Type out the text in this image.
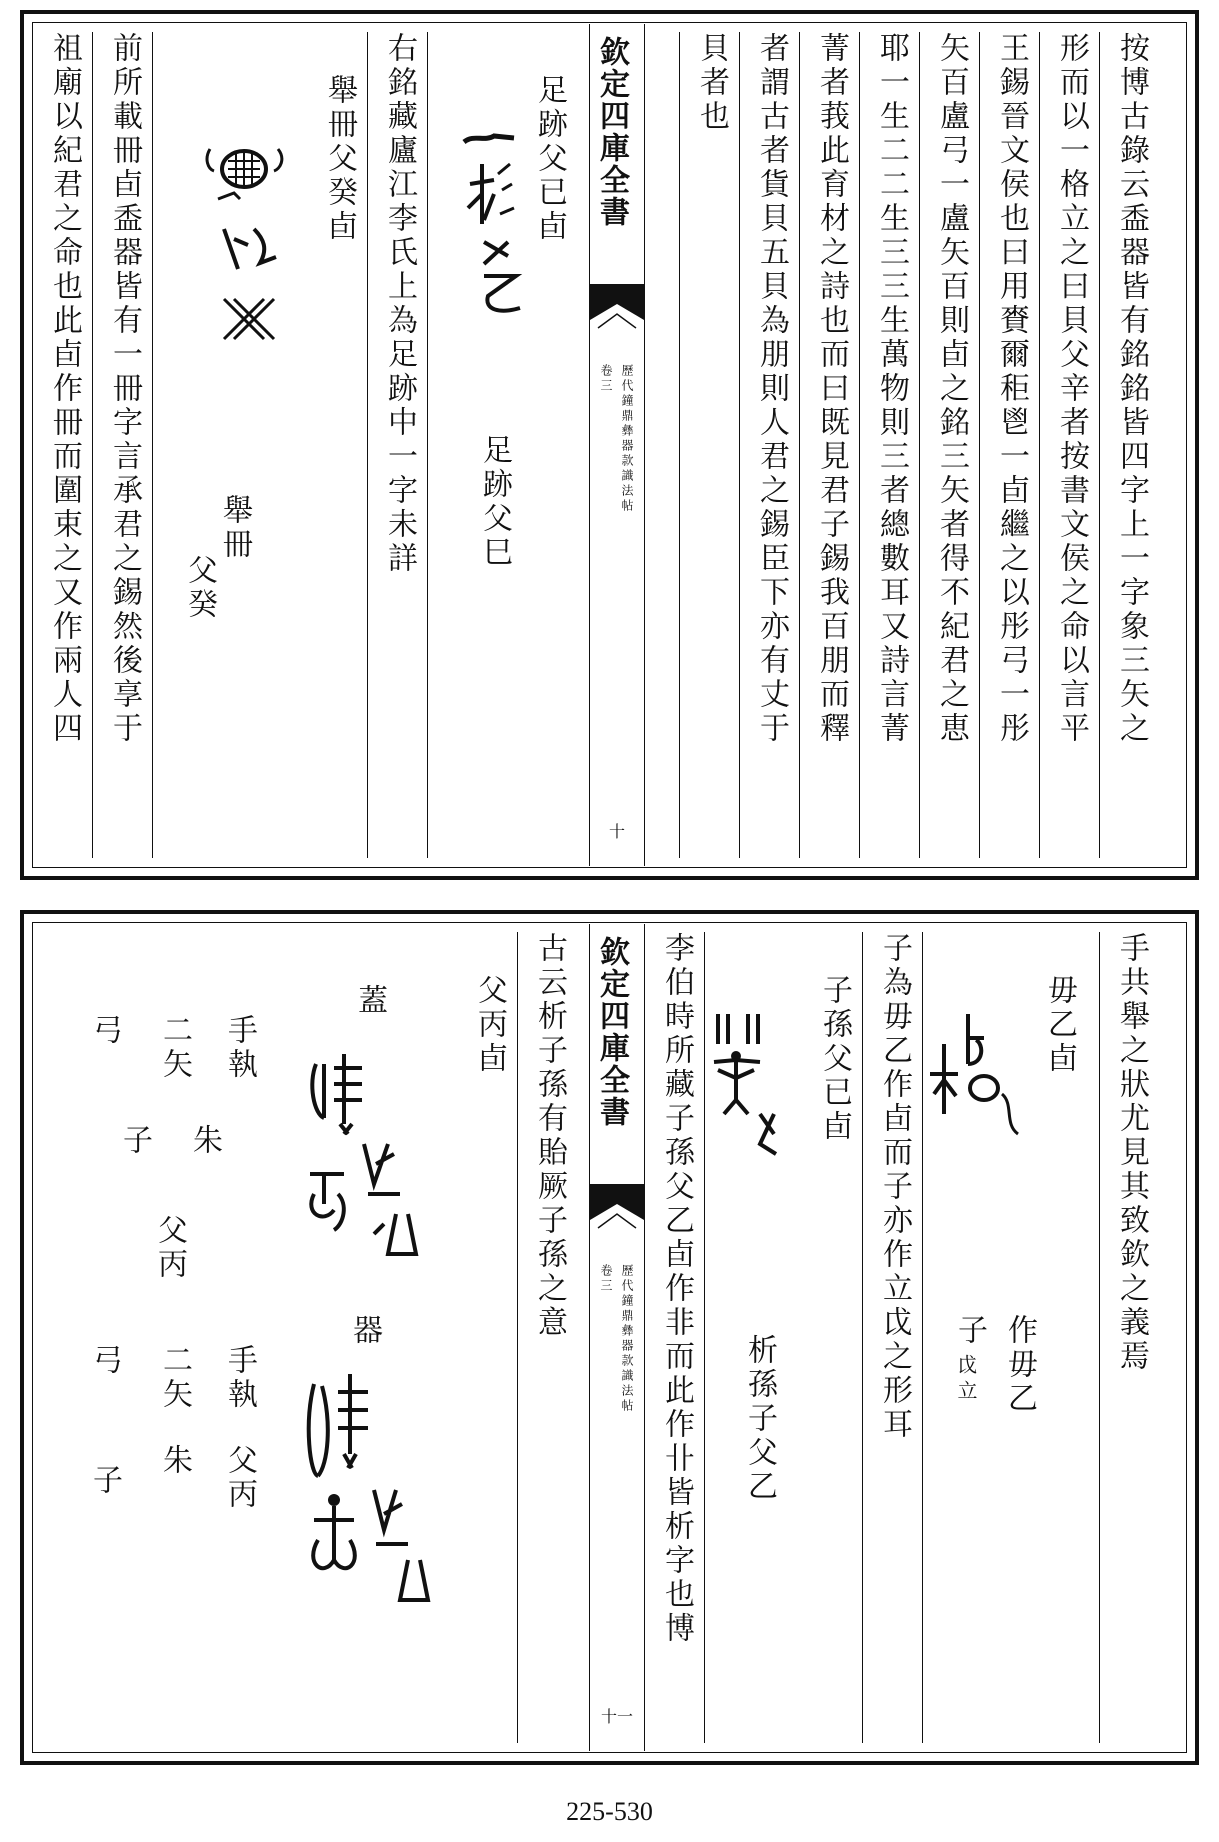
按博古錄云盉器皆有銘銘皆四字上一字象三矢之
形而以一格立之曰貝父辛者按書文侯之命以言平
王錫晉文侯也曰用賚爾秬鬯一卣繼之以彤弓一彤
矢百盧弓一盧矢百則卣之銘三矢者得不紀君之恵
耶一生二二生三三生萬物則三者總數耳又詩言菁
菁者莪此育材之詩也而曰既見君子錫我百朋而釋
者謂古者貨貝五貝為朋則人君之錫臣下亦有丈于
貝者也
欽定四庫全書
歷代鐘鼎彝器款識法帖
卷三
十
足跡父已卣
足跡父巳
右銘藏廬江李氏上為足跡中一字未詳
舉冊父癸卣
舉冊
父癸
前所載冊卣盉器皆有一冊字言承君之錫然後享于
祖廟以紀君之命也此卣作冊而圍束之又作兩人四
手共舉之狀尤見其致欽之義焉
毋乙卣
作毋乙
子
戉立
子為毋乙作卣而子亦作立戉之形耳
子孫父已卣
析孫子父乙
李伯時所藏子孫父乙卣作非而此作卝皆析字也博
欽定四庫全書
歷代鐘鼎彝器款識法帖
卷三
十一
古云析子孫有貽厥子孫之意
父丙卣
蓋
器
手執
朱
父丙
二矢
子
弓
手執
父丙
朱
二矢
弓
子
225-530
